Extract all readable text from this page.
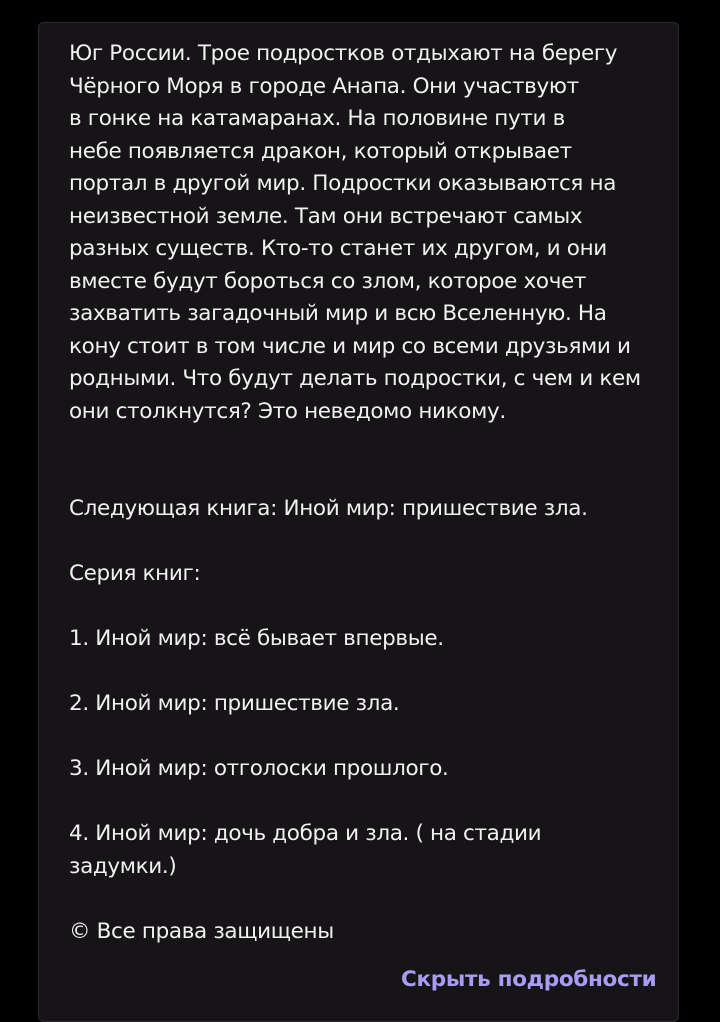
Юг России. Трое подростков отдыхают на берегу
Чёрного Моря в городе Анапа. Они участвуют
в гонке на катамаранах. На половине пути в
небе появляется дракон, который открывает
портал в другой мир. Подростки оказываются на
неизвестной земле. Там они встречают самых
разных существ. Кто-то станет их другом, и они
вместе будут бороться со злом, которое хочет
захватить загадочный мир и всю Вселенную. На
кону стоит в том числе и мир со всеми друзьями и
родными. Что будут делать подростки, с чем и кем
они столкнутся? Это неведомо никому.

Следующая книга: Иной мир: пришествие зла.

Серия книг:

1. Иной мир: всё бывает впервые.

2. Иной мир: пришествие зла.

3. Иной мир: отголоски прошлого.

4. Иной мир: дочь добра и зла. ( на стадии
задумки.)

© Все права защищены

Скрыть подробности
